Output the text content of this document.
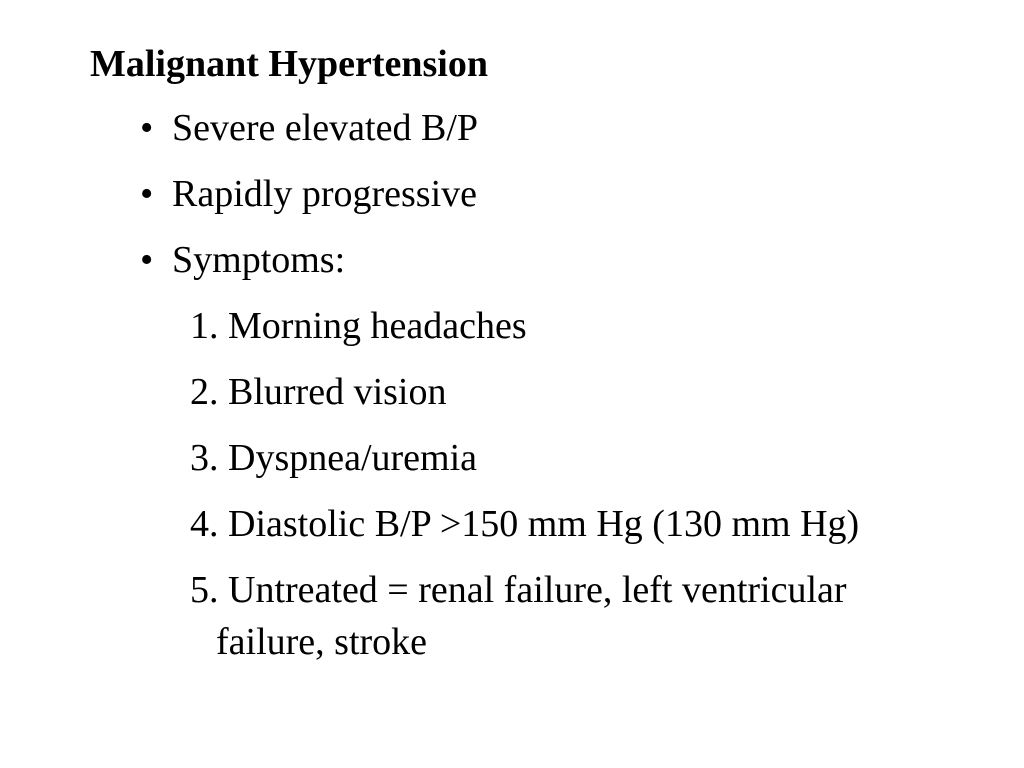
Malignant Hypertension
• Severe elevated B/P
• Rapidly progressive
• Symptoms:
1. Morning headaches
2. Blurred vision
3. Dyspnea/uremia
4. Diastolic B/P >150 mm Hg (130 mm Hg)
5. Untreated = renal failure, left ventricular failure, stroke
